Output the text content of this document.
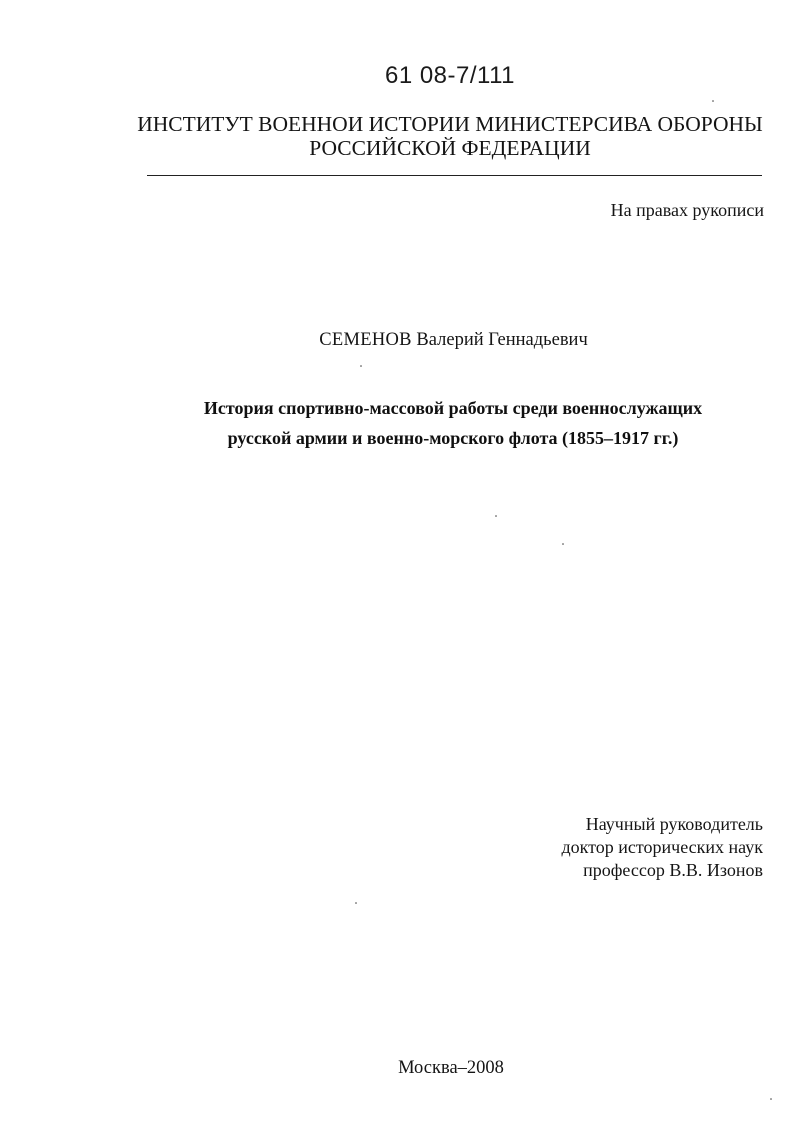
61 08-7/111
ИНСТИТУТ ВОЕННОИ ИСТОРИИ МИНИСТЕРСИВА ОБОРОНЫ
РОССИЙСКОЙ ФЕДЕРАЦИИ
На правах рукописи
СЕМЕНОВ Валерий Геннадьевич
История спортивно-массовой работы среди военнослужащих
русской армии и военно-морского флота (1855–1917 гг.)
Научный руководитель
доктор исторических наук
профессор В.В. Изонов
Москва–2008
